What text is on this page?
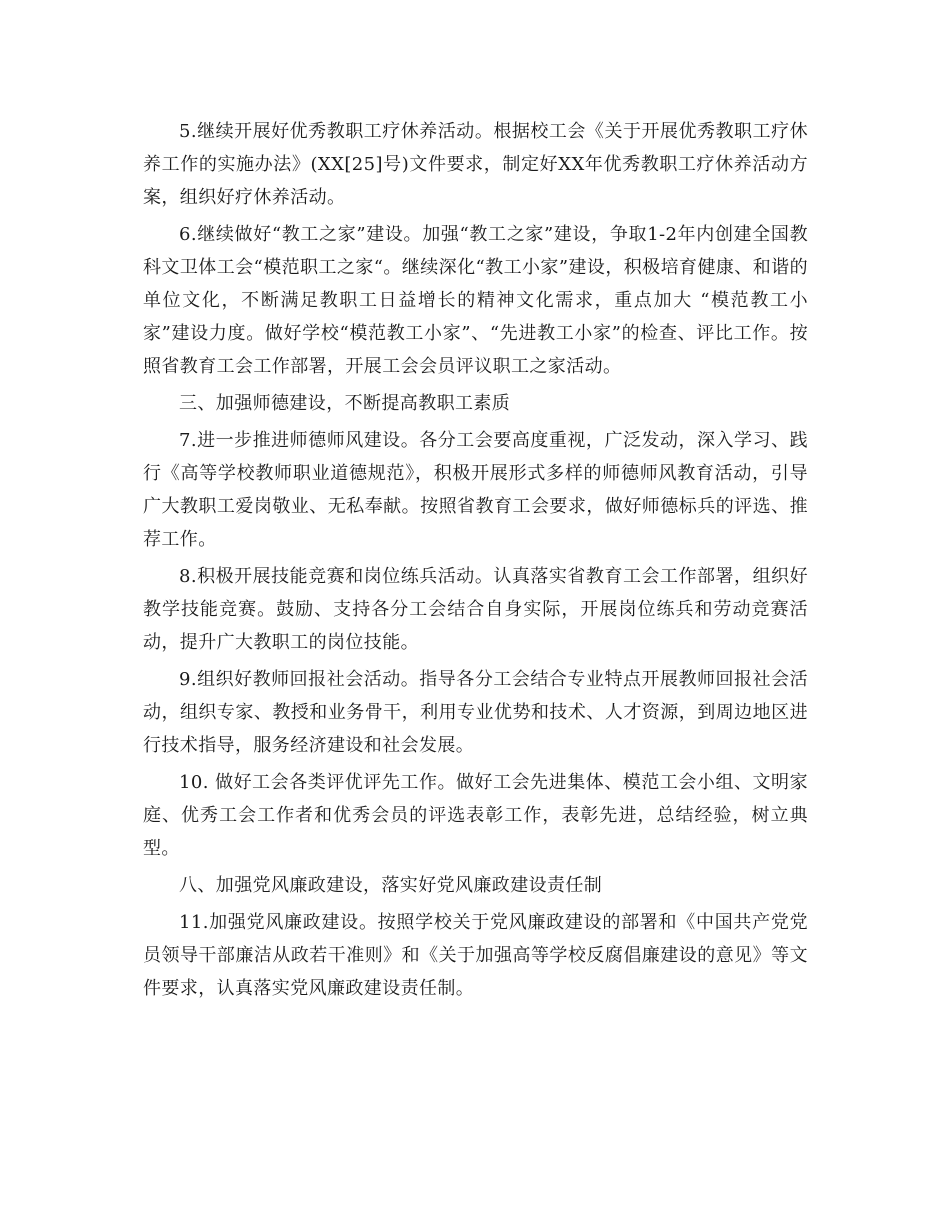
5.继续开展好优秀教职工疗休养活动。根据校工会《关于开展优秀教职工疗休养工作的实施办法》(XX[25]号)文件要求，制定好XX年优秀教职工疗休养活动方案，组织好疗休养活动。

6.继续做好“教工之家”建设。加强“教工之家”建设，争取1-2年内创建全国教科文卫体工会“模范职工之家“。继续深化“教工小家”建设，积极培育健康、和谐的单位文化，不断满足教职工日益增长的精神文化需求，重点加大 “模范教工小家”建设力度。做好学校“模范教工小家”、“先进教工小家”的检查、评比工作。按照省教育工会工作部署，开展工会会员评议职工之家活动。

三、加强师德建设，不断提高教职工素质

7.进一步推进师德师风建设。各分工会要高度重视，广泛发动，深入学习、践行《高等学校教师职业道德规范》，积极开展形式多样的师德师风教育活动，引导广大教职工爱岗敬业、无私奉献。按照省教育工会要求，做好师德标兵的评选、推荐工作。

8.积极开展技能竞赛和岗位练兵活动。认真落实省教育工会工作部署，组织好教学技能竞赛。鼓励、支持各分工会结合自身实际，开展岗位练兵和劳动竞赛活动，提升广大教职工的岗位技能。

9.组织好教师回报社会活动。指导各分工会结合专业特点开展教师回报社会活动，组织专家、教授和业务骨干，利用专业优势和技术、人才资源，到周边地区进行技术指导，服务经济建设和社会发展。

10. 做好工会各类评优评先工作。做好工会先进集体、模范工会小组、文明家庭、优秀工会工作者和优秀会员的评选表彰工作，表彰先进，总结经验，树立典型。

八、加强党风廉政建设，落实好党风廉政建设责任制

11.加强党风廉政建设。按照学校关于党风廉政建设的部署和《中国共产党党员领导干部廉洁从政若干准则》和《关于加强高等学校反腐倡廉建设的意见》等文件要求，认真落实党风廉政建设责任制。
